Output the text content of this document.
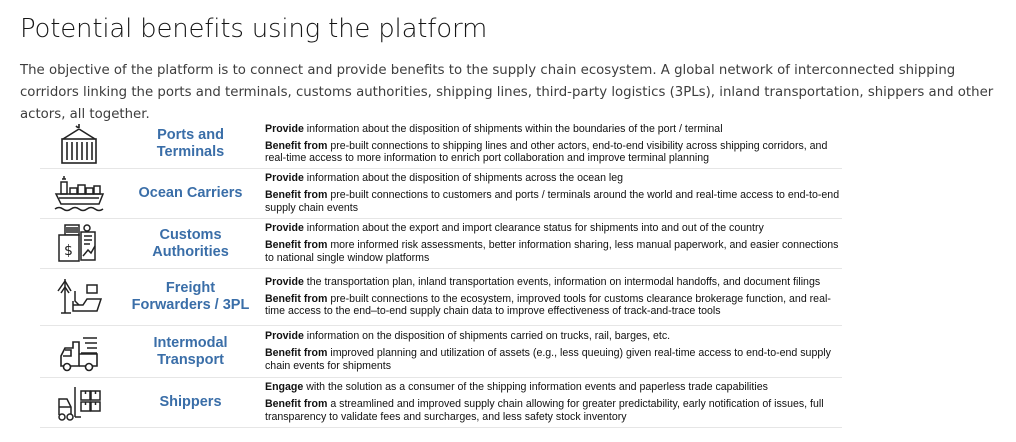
Potential benefits using the platform

The objective of the platform is to connect and provide benefits to the supply chain ecosystem. A global network of interconnected shipping corridors linking the ports and terminals, customs authorities, shipping lines, third-party logistics (3PLs), inland transportation, shippers and other actors, all together.

Ports and
Terminals

Provide information about the disposition of shipments within the boundaries of the port / terminal

Benefit from pre-built connections to shipping lines and other actors, end-to-end visibility across shipping corridors, and real-time access to more information to enrich port collaboration and improve terminal planning

Ocean Carriers

Provide information about the disposition of shipments across the ocean leg

Benefit from pre-built connections to customers and ports / terminals around the world and real-time access to end-to-end supply chain events

$
Customs
Authorities

Provide information about the export and import clearance status for shipments into and out of the country

Benefit from more informed risk assessments, better information sharing, less manual paperwork, and easier connections to national single window platforms

Freight
Forwarders / 3PL

Provide the transportation plan, inland transportation events, information on intermodal handoffs, and document filings

Benefit from pre-built connections to the ecosystem, improved tools for customs clearance brokerage function, and real-time access to the end–to-end supply chain data to improve effectiveness of track-and-trace tools

Intermodal
Transport

Provide information on the disposition of shipments carried on trucks, rail, barges, etc.

Benefit from improved planning and utilization of assets (e.g., less queuing) given real-time access to end-to-end supply chain events for shipments

Shippers

Engage with the solution as a consumer of the shipping information events and paperless trade capabilities

Benefit from a streamlined and improved supply chain allowing for greater predictability, early notification of issues, full transparency to validate fees and surcharges, and less safety stock inventory
